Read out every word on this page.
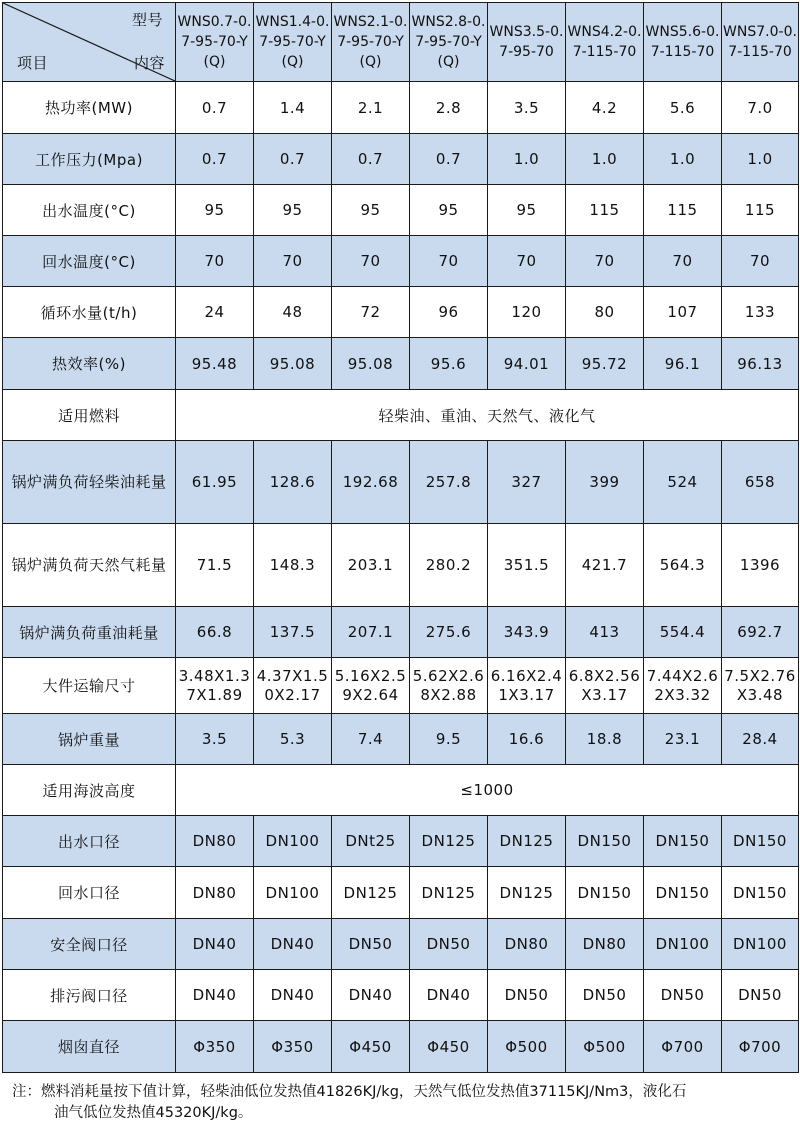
型号
项目 内容	WNS0.7-0.7-95-70-Y(Q)	WNS1.4-0.7-95-70-Y(Q)	WNS2.1-0.7-95-70-Y(Q)	WNS2.8-0.7-95-70-Y(Q)	WNS3.5-0.7-95-70	WNS4.2-0.7-115-70	WNS5.6-0.7-115-70	WNS7.0-0.7-115-70
热功率(MW)	0.7	1.4	2.1	2.8	3.5	4.2	5.6	7.0
工作压力(Mpa)	0.7	0.7	0.7	0.7	1.0	1.0	1.0	1.0
出水温度(°C)	95	95	95	95	95	115	115	115
回水温度(°C)	70	70	70	70	70	70	70	70
循环水量(t/h)	24	48	72	96	120	80	107	133
热效率(%)	95.48	95.08	95.08	95.6	94.01	95.72	96.1	96.13
适用燃料	轻柴油、重油、天然气、液化气							
锅炉满负荷轻柴油耗量	61.95	128.6	192.68	257.8	327	399	524	658
锅炉满负荷天然气耗量	71.5	148.3	203.1	280.2	351.5	421.7	564.3	1396
锅炉满负荷重油耗量	66.8	137.5	207.1	275.6	343.9	413	554.4	692.7
大件运输尺寸	3.48X1.37X1.89	4.37X1.50X2.17	5.16X2.59X2.64	5.62X2.68X2.88	6.16X2.41X3.17	6.8X2.56X3.17	7.44X2.62X3.32	7.5X2.76X3.48
锅炉重量	3.5	5.3	7.4	9.5	16.6	18.8	23.1	28.4
适用海波高度	≤1000							
出水口径	DN80	DN100	DNt25	DN125	DN125	DN150	DN150	DN150
回水口径	DN80	DN100	DN125	DN125	DN125	DN150	DN150	DN150
安全阀口径	DN40	DN40	DN50	DN50	DN80	DN80	DN100	DN100
排污阀口径	DN40	DN40	DN40	DN40	DN50	DN50	DN50	DN50
烟囱直径	Φ350	Φ350	Φ450	Φ450	Φ500	Φ500	Φ700	Φ700
注：燃料消耗量按下值计算，轻柴油低位发热值41826KJ/kg，天然气低位发热值37115KJ/Nm3，液化石
油气低位发热值45320KJ/kg。
